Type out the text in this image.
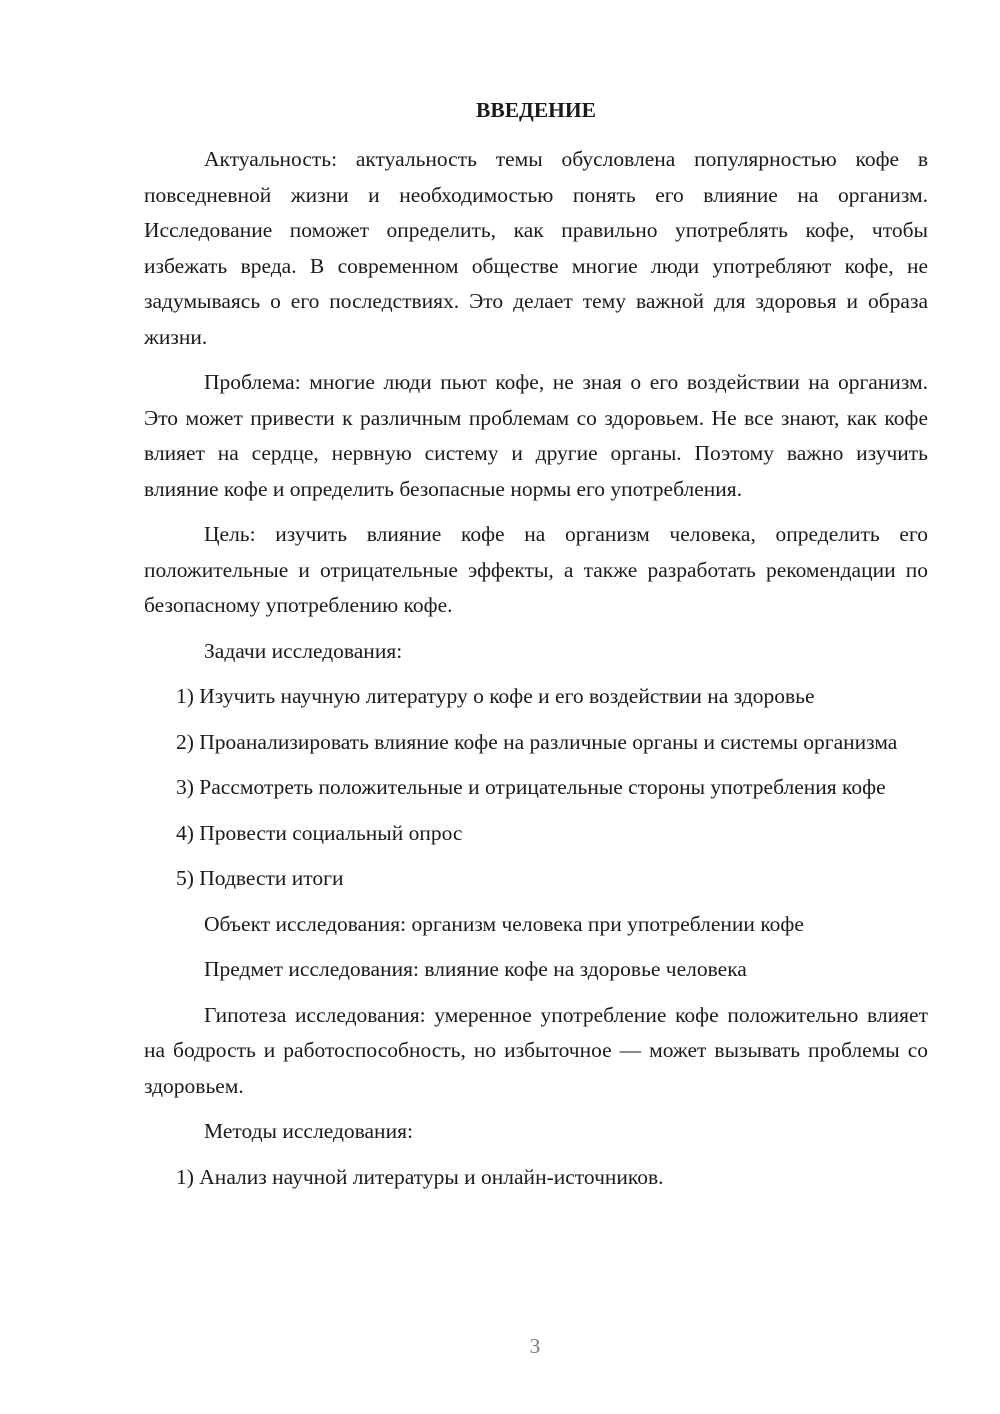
ВВЕДЕНИЕ

Актуальность: актуальность темы обусловлена популярностью кофе в повседневной жизни и необходимостью понять его влияние на организм. Исследование поможет определить, как правильно употреблять кофе, чтобы избежать вреда. В современном обществе многие люди употребляют кофе, не задумываясь о его последствиях. Это делает тему важной для здоровья и образа жизни.

Проблема: многие люди пьют кофе, не зная о его воздействии на организм. Это может привести к различным проблемам со здоровьем. Не все знают, как кофе влияет на сердце, нервную систему и другие органы. Поэтому важно изучить влияние кофе и определить безопасные нормы его употребления.

Цель: изучить влияние кофе на организм человека, определить его положительные и отрицательные эффекты, а также разработать рекомендации по безопасному употреблению кофе.

Задачи исследования:

1) Изучить научную литературу о кофе и его воздействии на здоровье

2) Проанализировать влияние кофе на различные органы и системы организма

3) Рассмотреть положительные и отрицательные стороны употребления кофе

4) Провести социальный опрос

5) Подвести итоги

Объект исследования: организм человека при употреблении кофе

Предмет исследования: влияние кофе на здоровье человека

Гипотеза исследования: умеренное употребление кофе положительно влияет на бодрость и работоспособность, но избыточное — может вызывать проблемы со здоровьем.

Методы исследования:

1) Анализ научной литературы и онлайн-источников.

3
